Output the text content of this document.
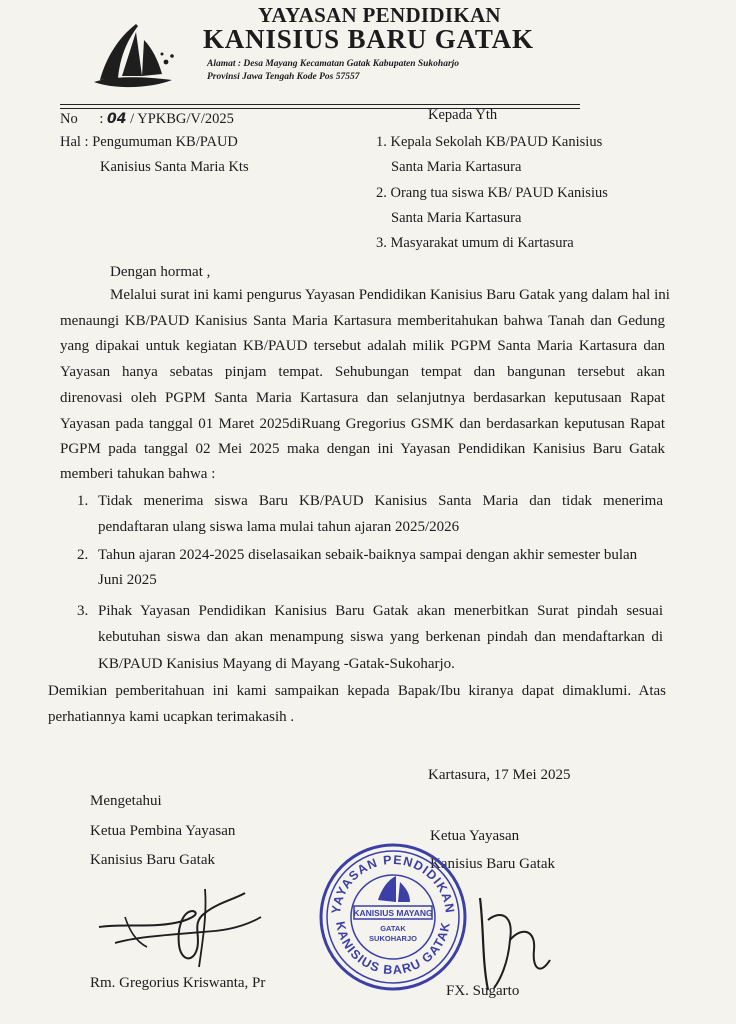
YAYASAN PENDIDIKAN
KANISIUS BARU GATAK
Alamat : Desa Mayang Kecamatan Gatak Kabupaten Sukoharjo
Provinsi Jawa Tengah Kode Pos 57557
No : 04 / YPKBG/V/2025
Hal : Pengumuman KB/PAUD
Kanisius Santa Maria Kts
Kepada Yth
1. Kepala Sekolah KB/PAUD Kanisius
Santa Maria Kartasura
2. Orang tua siswa KB/ PAUD Kanisius
Santa Maria Kartasura
3. Masyarakat umum di Kartasura
Dengan hormat ,
Melalui surat ini kami pengurus Yayasan Pendidikan Kanisius Baru Gatak yang dalam hal ini
menaungi KB/PAUD Kanisius Santa Maria Kartasura memberitahukan bahwa Tanah dan Gedung
yang dipakai untuk kegiatan KB/PAUD tersebut adalah milik PGPM Santa Maria Kartasura dan
Yayasan hanya sebatas pinjam tempat. Sehubungan tempat dan bangunan tersebut akan
direnovasi oleh PGPM Santa Maria Kartasura dan selanjutnya berdasarkan keputusaan Rapat
Yayasan pada tanggal 01 Maret 2025diRuang Gregorius GSMK dan berdasarkan keputusan Rapat
PGPM pada tanggal 02 Mei 2025 maka dengan ini Yayasan Pendidikan Kanisius Baru Gatak
memberi tahukan bahwa :
1. Tidak menerima siswa Baru KB/PAUD Kanisius Santa Maria dan tidak menerima
pendaftaran ulang siswa lama mulai tahun ajaran 2025/2026
2. Tahun ajaran 2024-2025 diselasaikan sebaik-baiknya sampai dengan akhir semester bulan
Juni 2025
3. Pihak Yayasan Pendidikan Kanisius Baru Gatak akan menerbitkan Surat pindah sesuai
kebutuhan siswa dan akan menampung siswa yang berkenan pindah dan mendaftarkan di
KB/PAUD Kanisius Mayang di Mayang -Gatak-Sukoharjo.
Demikian pemberitahuan ini kami sampaikan kepada Bapak/Ibu kiranya dapat dimaklumi. Atas
perhatiannya kami ucapkan terimakasih .
Kartasura, 17 Mei 2025
Mengetahui
Ketua Pembina Yayasan
Kanisius Baru Gatak
Rm. Gregorius Kriswanta, Pr
Ketua Yayasan
Kanisius Baru Gatak
FX. Sugarto
YAYASAN PENDIDIKAN
KANISIUS BARU GATAK
KANISIUS MAYANG
GATAK
SUKOHARJO
